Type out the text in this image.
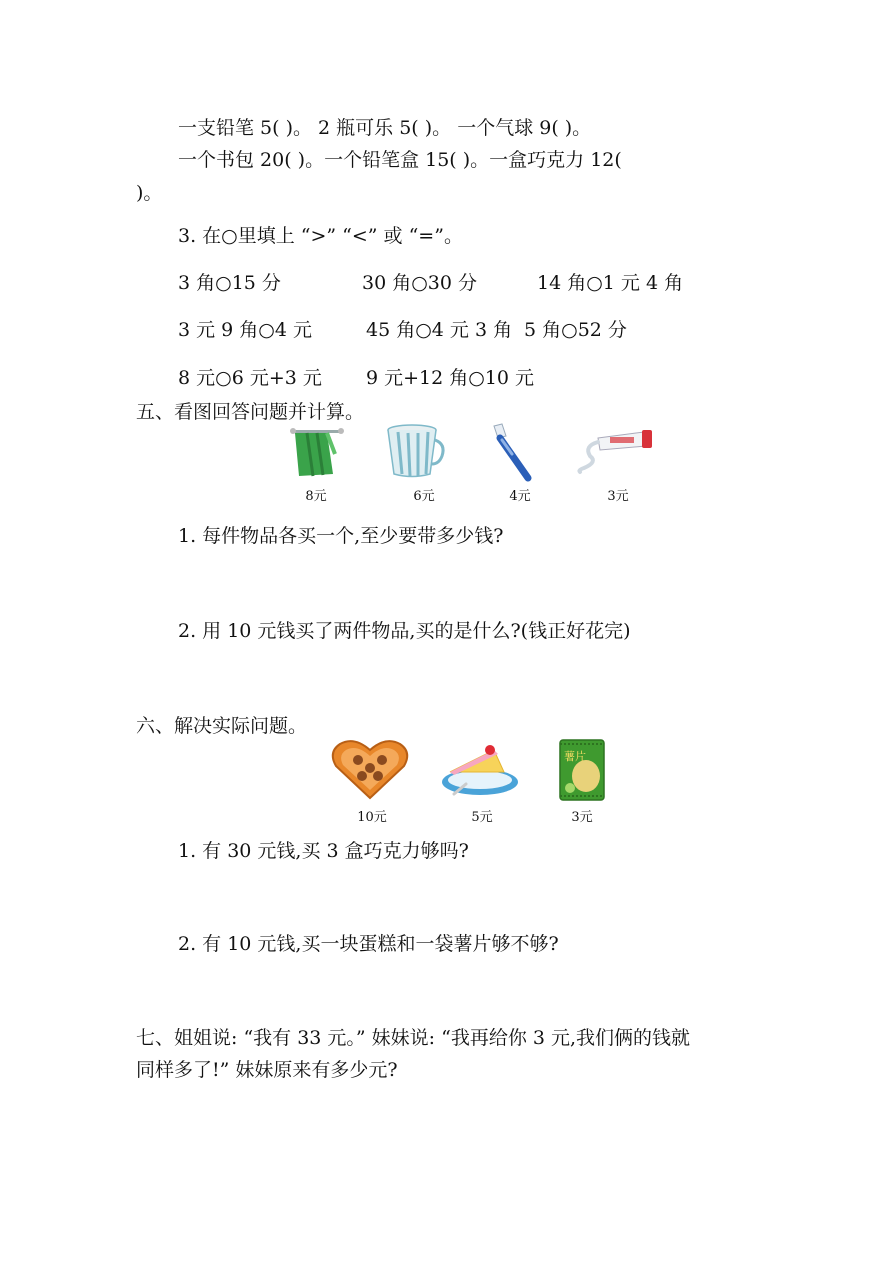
一支铅笔 5( )。 2 瓶可乐 5( )。 一个气球 9( )。
一个书包 20( )。一个铅笔盒 15( )。一盒巧克力 12(
)。
3. 在○里填上 “>” “<” 或 “=”。
3 角○15 分	30 角○30 分	14 角○1 元 4 角
3 元 9 角○4 元	45 角○4 元 3 角 5 角○52 分
8 元○6 元+3 元 9 元+12 角○10 元
五、看图回答问题并计算。
8元	6元	4元	3元
1. 每件物品各买一个,至少要带多少钱?
2. 用 10 元钱买了两件物品,买的是什么?(钱正好花完)
六、解决实际问题。
10元	5元
薯片
3元
1. 有 30 元钱,买 3 盒巧克力够吗?
2. 有 10 元钱,买一块蛋糕和一袋薯片够不够?
七、姐姐说: “我有 33 元。” 妹妹说: “我再给你 3 元,我们俩的钱就
同样多了!” 妹妹原来有多少元?
